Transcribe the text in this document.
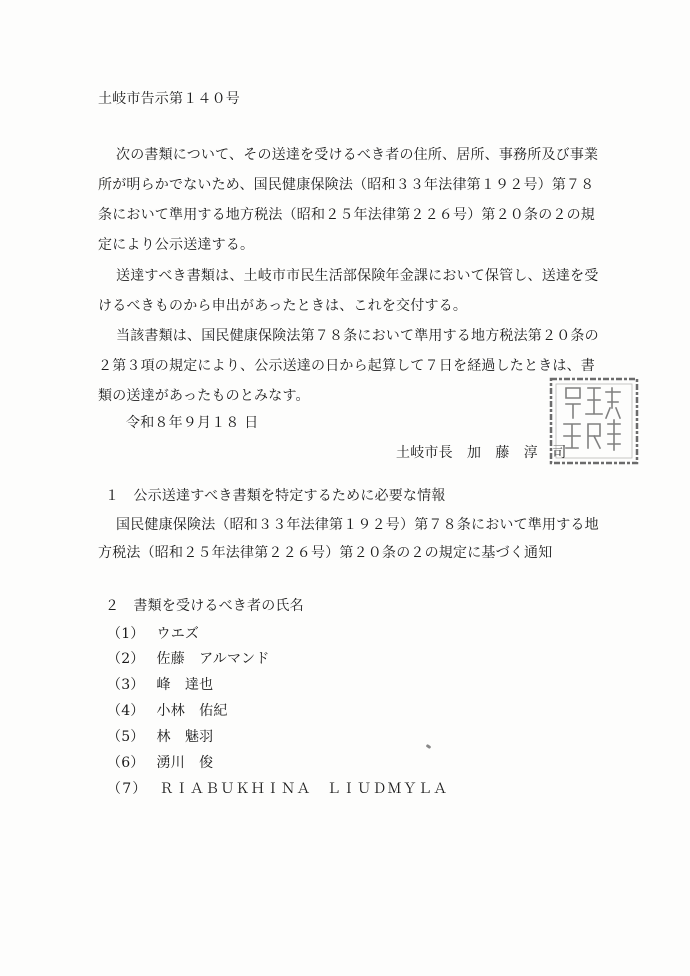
土岐市告示第１４０号
次の書類について、その送達を受けるべき者の住所、居所、事務所及び事業
所が明らかでないため、国民健康保険法（昭和３３年法律第１９２号）第７８
条において準用する地方税法（昭和２５年法律第２２６号）第２０条の２の規
定により公示送達する。
送達すべき書類は、土岐市市民生活部保険年金課において保管し、送達を受
けるべきものから申出があったときは、これを交付する。
当該書類は、国民健康保険法第７８条において準用する地方税法第２０条の
２第３項の規定により、公示送達の日から起算して７日を経過したときは、書
類の送達があったものとみなす。
令和８年９月１８ 日
土岐市長　加　藤　淳　司
１　公示送達すべき書類を特定するために必要な情報
国民健康保険法（昭和３３年法律第１９２号）第７８条において準用する地
方税法（昭和２５年法律第２２６号）第２０条の２の規定に基づく通知
２　書類を受けるべき者の氏名
（1） ウエズ
（2） 佐藤　アルマンド
（3） 峰　達也
（4） 小林　佑紀
（5） 林　魅羽
（6） 湧川　俊
（7） ＲＩＡＢＵＫＨＩＮＡ　ＬＩＵＤＭＹＬＡ
